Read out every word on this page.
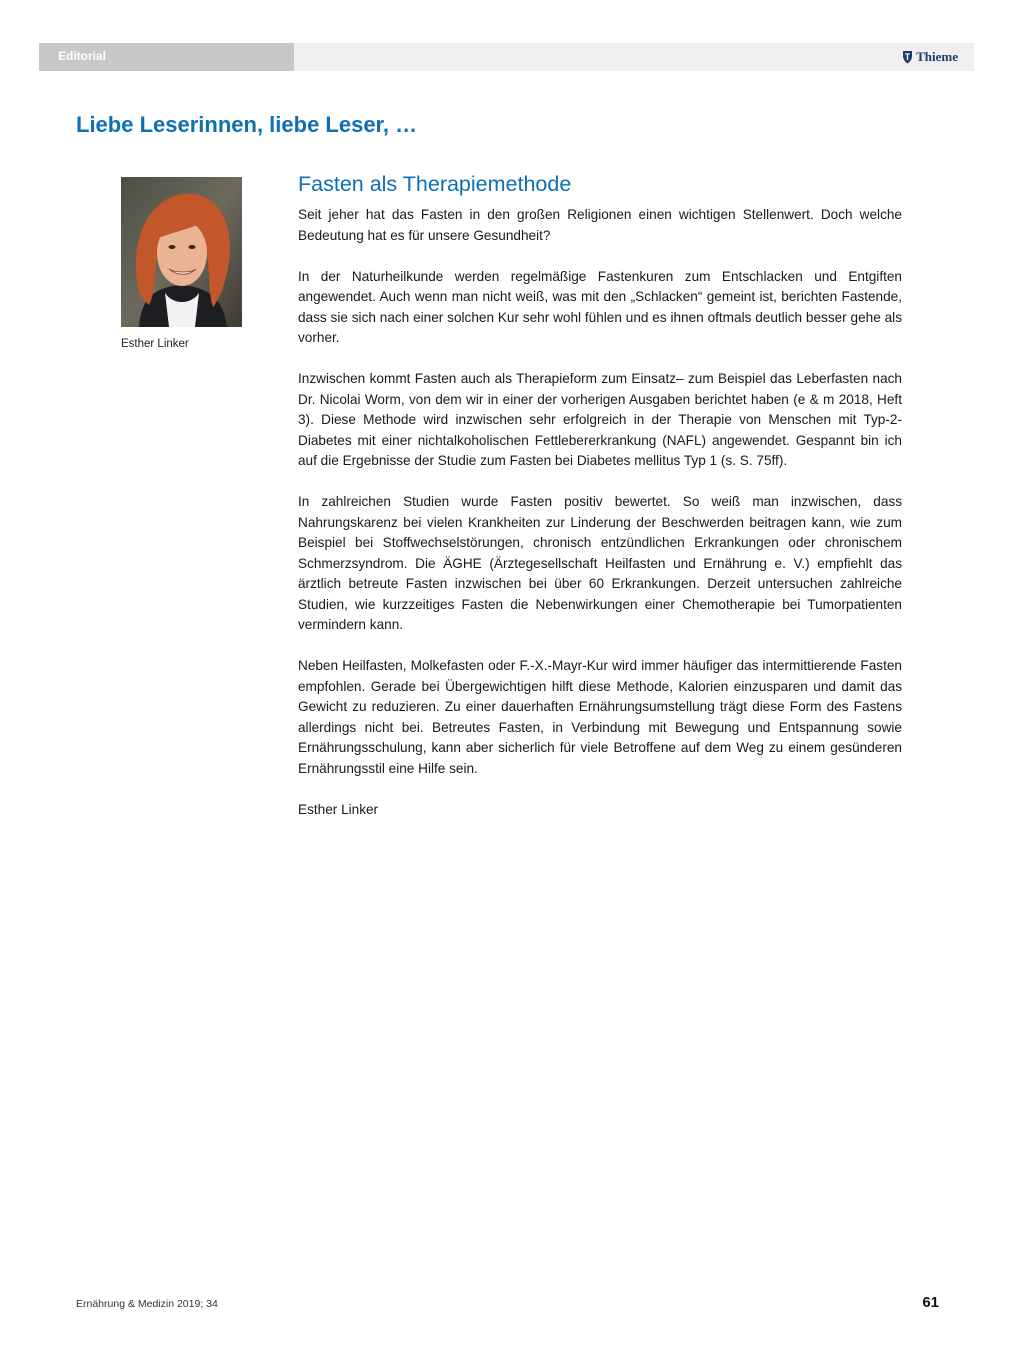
Editorial	Thieme
Liebe Leserinnen, liebe Leser, …
Esther Linker
Fasten als Therapiemethode

Seit jeher hat das Fasten in den großen Religionen einen wichtigen Stellenwert. Doch welche Bedeutung hat es für unsere Gesundheit?

In der Naturheilkunde werden regelmäßige Fastenkuren zum Entschlacken und Entgiften angewendet. Auch wenn man nicht weiß, was mit den „Schlacken“ gemeint ist, berichten Fastende, dass sie sich nach einer solchen Kur sehr wohl fühlen und es ihnen oftmals deutlich besser gehe als vorher.

Inzwischen kommt Fasten auch als Therapieform zum Einsatz– zum Beispiel das Leberfasten nach Dr. Nicolai Worm, von dem wir in einer der vorherigen Ausgaben berichtet haben (e & m 2018, Heft 3). Diese Methode wird inzwischen sehr erfolgreich in der Therapie von Menschen mit Typ-2-Diabetes mit einer nichtalkoholischen Fettlebererkrankung (NAFL) angewendet. Gespannt bin ich auf die Ergebnisse der Studie zum Fasten bei Diabetes mellitus Typ 1 (s. S. 75ff).

In zahlreichen Studien wurde Fasten positiv bewertet. So weiß man inzwischen, dass Nahrungskarenz bei vielen Krankheiten zur Linderung der Beschwerden beitragen kann, wie zum Beispiel bei Stoffwechselstörungen, chronisch entzündlichen Erkrankungen oder chronischem Schmerzsyndrom. Die ÄGHE (Ärztegesellschaft Heilfasten und Ernährung e. V.) empfiehlt das ärztlich betreute Fasten inzwischen bei über 60 Erkrankungen. Derzeit untersuchen zahlreiche Studien, wie kurzzeitiges Fasten die Nebenwirkungen einer Chemotherapie bei Tumorpatienten vermindern kann.

Neben Heilfasten, Molkefasten oder F.-X.-Mayr-Kur wird immer häufiger das intermittierende Fasten empfohlen. Gerade bei Übergewichtigen hilft diese Methode, Kalorien einzusparen und damit das Gewicht zu reduzieren. Zu einer dauerhaften Ernährungsumstellung trägt diese Form des Fastens allerdings nicht bei. Betreutes Fasten, in Verbindung mit Bewegung und Entspannung sowie Ernährungsschulung, kann aber sicherlich für viele Betroffene auf dem Weg zu einem gesünderen Ernährungsstil eine Hilfe sein.

Esther Linker

Ernährung & Medizin 2019; 34	61
